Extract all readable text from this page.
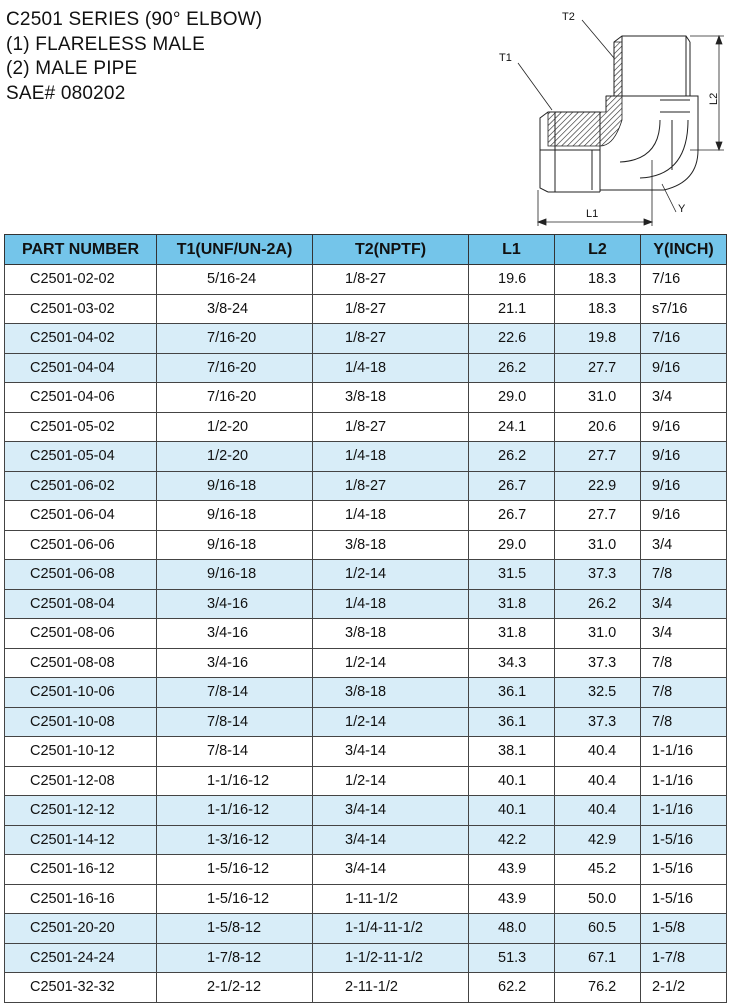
C2501 SERIES (90° ELBOW)
(1) FLARELESS MALE
(2) MALE PIPE
SAE# 080202
T2
T1
L2
L1	Y
PART NUMBER	T1(UNF/UN-2A)	T2(NPTF)	L1	L2	Y(INCH)
C2501-02-02	5/16-24	1/8-27	19.6	18.3	7/16
C2501-03-02	3/8-24	1/8-27	21.1	18.3	s7/16
C2501-04-02	7/16-20	1/8-27	22.6	19.8	7/16
C2501-04-04	7/16-20	1/4-18	26.2	27.7	9/16
C2501-04-06	7/16-20	3/8-18	29.0	31.0	3/4
C2501-05-02	1/2-20	1/8-27	24.1	20.6	9/16
C2501-05-04	1/2-20	1/4-18	26.2	27.7	9/16
C2501-06-02	9/16-18	1/8-27	26.7	22.9	9/16
C2501-06-04	9/16-18	1/4-18	26.7	27.7	9/16
C2501-06-06	9/16-18	3/8-18	29.0	31.0	3/4
C2501-06-08	9/16-18	1/2-14	31.5	37.3	7/8
C2501-08-04	3/4-16	1/4-18	31.8	26.2	3/4
C2501-08-06	3/4-16	3/8-18	31.8	31.0	3/4
C2501-08-08	3/4-16	1/2-14	34.3	37.3	7/8
C2501-10-06	7/8-14	3/8-18	36.1	32.5	7/8
C2501-10-08	7/8-14	1/2-14	36.1	37.3	7/8
C2501-10-12	7/8-14	3/4-14	38.1	40.4	1-1/16
C2501-12-08	1-1/16-12	1/2-14	40.1	40.4	1-1/16
C2501-12-12	1-1/16-12	3/4-14	40.1	40.4	1-1/16
C2501-14-12	1-3/16-12	3/4-14	42.2	42.9	1-5/16
C2501-16-12	1-5/16-12	3/4-14	43.9	45.2	1-5/16
C2501-16-16	1-5/16-12	1-11-1/2	43.9	50.0	1-5/16
C2501-20-20	1-5/8-12	1-1/4-11-1/2	48.0	60.5	1-5/8
C2501-24-24	1-7/8-12	1-1/2-11-1/2	51.3	67.1	1-7/8
C2501-32-32	2-1/2-12	2-11-1/2	62.2	76.2	2-1/2
